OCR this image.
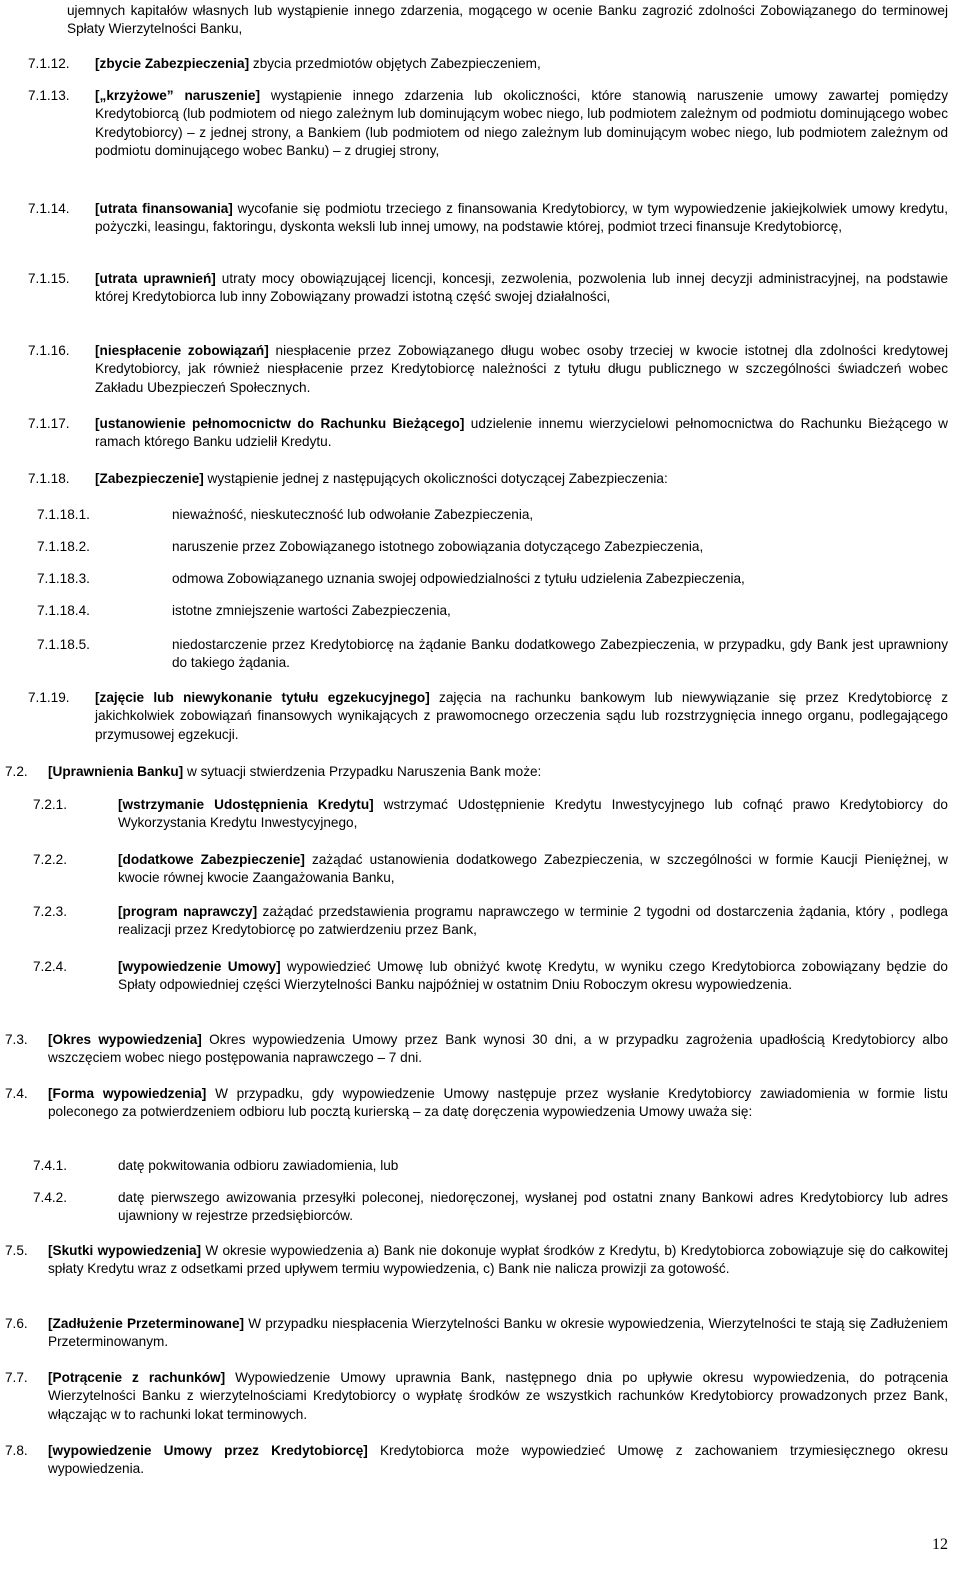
ujemnych kapitałów własnych lub wystąpienie innego zdarzenia, mogącego w ocenie Banku zagrozić zdolności Zobowiązanego do terminowej Spłaty Wierzytelności Banku,
7.1.12. [zbycie Zabezpieczenia] zbycia przedmiotów objętych Zabezpieczeniem,
7.1.13. [„krzyżowe” naruszenie] wystąpienie innego zdarzenia lub okoliczności, które stanowią naruszenie umowy zawartej pomiędzy Kredytobiorcą (lub podmiotem od niego zależnym lub dominującym wobec niego, lub podmiotem zależnym od podmiotu dominującego wobec Kredytobiorcy) – z jednej strony, a Bankiem (lub podmiotem od niego zależnym lub dominującym wobec niego, lub podmiotem zależnym od podmiotu dominującego wobec Banku) – z drugiej strony,
7.1.14. [utrata finansowania] wycofanie się podmiotu trzeciego z finansowania Kredytobiorcy, w tym wypowiedzenie jakiejkolwiek umowy kredytu, pożyczki, leasingu, faktoringu, dyskonta weksli lub innej umowy, na podstawie której, podmiot trzeci finansuje Kredytobiorcę,
7.1.15. [utrata uprawnień] utraty mocy obowiązującej licencji, koncesji, zezwolenia, pozwolenia lub innej decyzji administracyjnej, na podstawie której Kredytobiorca lub inny Zobowiązany prowadzi istotną część swojej działalności,
7.1.16. [niespłacenie zobowiązań] niespłacenie przez Zobowiązanego długu wobec osoby trzeciej w kwocie istotnej dla zdolności kredytowej Kredytobiorcy, jak również niespłacenie przez Kredytobiorcę należności z tytułu długu publicznego w szczególności świadczeń wobec Zakładu Ubezpieczeń Społecznych.
7.1.17. [ustanowienie pełnomocnictw do Rachunku Bieżącego] udzielenie innemu wierzycielowi pełnomocnictwa do Rachunku Bieżącego w ramach którego Banku udzielił Kredytu.
7.1.18. [Zabezpieczenie] wystąpienie jednej z następujących okoliczności dotyczącej Zabezpieczenia:
7.1.18.1.	nieważność, nieskuteczność lub odwołanie Zabezpieczenia,
7.1.18.2.	naruszenie przez Zobowiązanego istotnego zobowiązania dotyczącego Zabezpieczenia,
7.1.18.3.	odmowa Zobowiązanego uznania swojej odpowiedzialności z tytułu udzielenia Zabezpieczenia,
7.1.18.4.	istotne zmniejszenie wartości Zabezpieczenia,
7.1.18.5.	niedostarczenie przez Kredytobiorcę na żądanie Banku dodatkowego Zabezpieczenia, w przypadku, gdy Bank jest uprawniony do takiego żądania.
7.1.19. [zajęcie lub niewykonanie tytułu egzekucyjnego] zajęcia na rachunku bankowym lub niewywiązanie się przez Kredytobiorcę z jakichkolwiek zobowiązań finansowych wynikających z prawomocnego orzeczenia sądu lub rozstrzygnięcia innego organu, podlegającego przymusowej egzekucji.
7.2. [Uprawnienia Banku] w sytuacji stwierdzenia Przypadku Naruszenia Bank może:
7.2.1.	[wstrzymanie Udostępnienia Kredytu] wstrzymać Udostępnienie Kredytu Inwestycyjnego lub cofnąć prawo Kredytobiorcy do Wykorzystania Kredytu Inwestycyjnego,
7.2.2.	[dodatkowe Zabezpieczenie] zażądać ustanowienia dodatkowego Zabezpieczenia, w szczególności w formie Kaucji Pieniężnej, w kwocie równej kwocie Zaangażowania Banku,
7.2.3.	[program naprawczy] zażądać przedstawienia programu naprawczego w terminie 2 tygodni od dostarczenia żądania, który , podlega realizacji przez Kredytobiorcę po zatwierdzeniu przez Bank,
7.2.4.	[wypowiedzenie Umowy] wypowiedzieć Umowę lub obniżyć kwotę Kredytu, w wyniku czego Kredytobiorca zobowiązany będzie do Spłaty odpowiedniej części Wierzytelności Banku najpóźniej w ostatnim Dniu Roboczym okresu wypowiedzenia.
7.3. [Okres wypowiedzenia] Okres wypowiedzenia Umowy przez Bank wynosi 30 dni, a w przypadku zagrożenia upadłością Kredytobiorcy albo wszczęciem wobec niego postępowania naprawczego – 7 dni.
7.4. [Forma wypowiedzenia] W przypadku, gdy wypowiedzenie Umowy następuje przez wysłanie Kredytobiorcy zawiadomienia w formie listu poleconego za potwierdzeniem odbioru lub pocztą kurierską – za datę doręczenia wypowiedzenia Umowy uważa się:
7.4.1.	datę pokwitowania odbioru zawiadomienia, lub
7.4.2.	datę pierwszego awizowania przesyłki poleconej, niedoręczonej, wysłanej pod ostatni znany Bankowi adres Kredytobiorcy lub adres ujawniony w rejestrze przedsiębiorców.
7.5. [Skutki wypowiedzenia] W okresie wypowiedzenia a) Bank nie dokonuje wypłat środków z Kredytu, b) Kredytobiorca zobowiązuje się do całkowitej spłaty Kredytu wraz z odsetkami przed upływem termiu wypowiedzenia, c) Bank nie nalicza prowizji za gotowość.
7.6. [Zadłużenie Przeterminowane] W przypadku niespłacenia Wierzytelności Banku w okresie wypowiedzenia, Wierzytelności te stają się Zadłużeniem Przeterminowanym.
7.7. [Potrącenie z rachunków] Wypowiedzenie Umowy uprawnia Bank, następnego dnia po upływie okresu wypowiedzenia, do potrącenia Wierzytelności Banku z wierzytelnościami Kredytobiorcy o wypłatę środków ze wszystkich rachunków Kredytobiorcy prowadzonych przez Bank, włączając w to rachunki lokat terminowych.
7.8. [wypowiedzenie Umowy przez Kredytobiorcę] Kredytobiorca może wypowiedzieć Umowę z zachowaniem trzymiesięcznego okresu wypowiedzenia.
12
